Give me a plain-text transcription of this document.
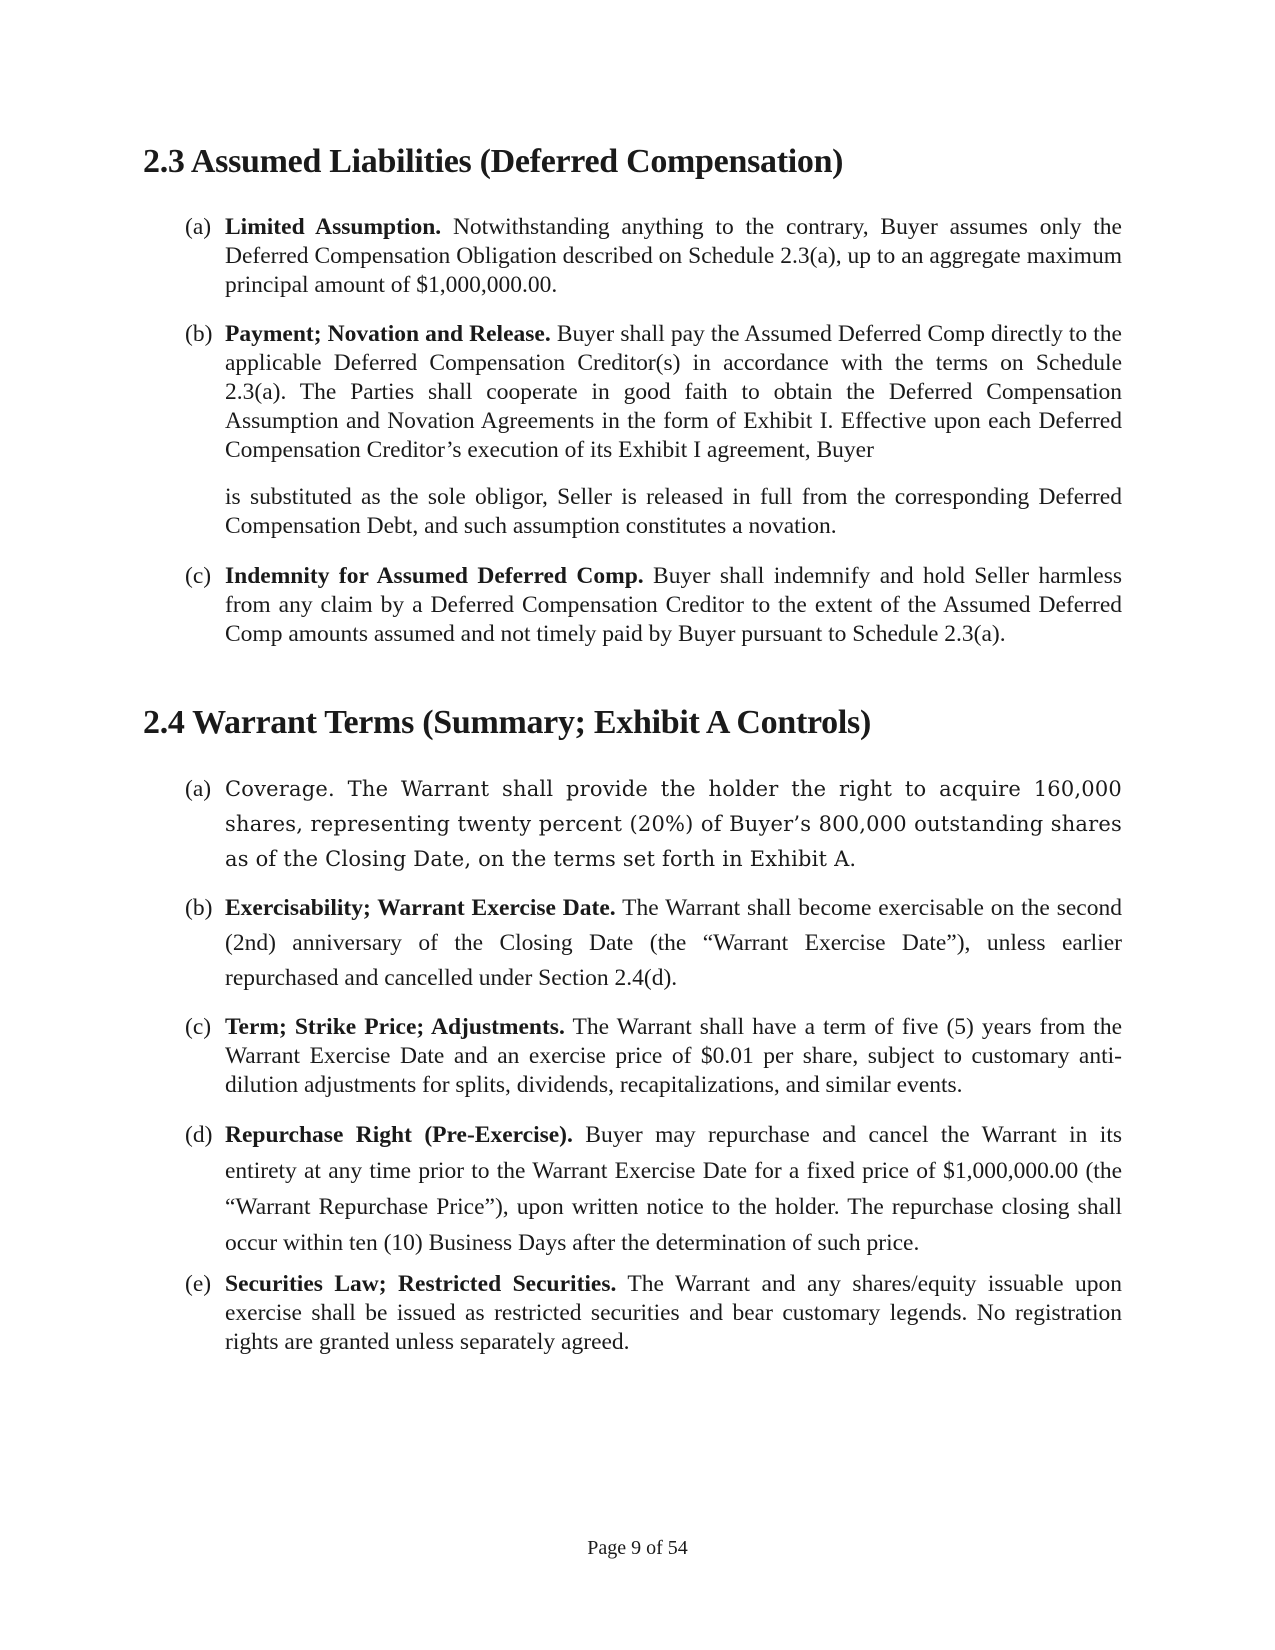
2.3 Assumed Liabilities (Deferred Compensation)
(a) Limited Assumption. Notwithstanding anything to the contrary, Buyer assumes only the Deferred Compensation Obligation described on Schedule 2.3(a), up to an aggregate maximum principal amount of $1,000,000.00.
(b) Payment; Novation and Release. Buyer shall pay the Assumed Deferred Comp directly to the applicable Deferred Compensation Creditor(s) in accordance with the terms on Schedule 2.3(a). The Parties shall cooperate in good faith to obtain the Deferred Compensation Assumption and Novation Agreements in the form of Exhibit I. Effective upon each Deferred Compensation Creditor’s execution of its Exhibit I agreement, Buyer
is substituted as the sole obligor, Seller is released in full from the corresponding Deferred Compensation Debt, and such assumption constitutes a novation.
(c) Indemnity for Assumed Deferred Comp. Buyer shall indemnify and hold Seller harmless from any claim by a Deferred Compensation Creditor to the extent of the Assumed Deferred Comp amounts assumed and not timely paid by Buyer pursuant to Schedule 2.3(a).
2.4 Warrant Terms (Summary; Exhibit A Controls)
(a) Coverage. The Warrant shall provide the holder the right to acquire 160,000 shares, representing twenty percent (20%) of Buyer’s 800,000 outstanding shares as of the Closing Date, on the terms set forth in Exhibit A.
(b) Exercisability; Warrant Exercise Date. The Warrant shall become exercisable on the second (2nd) anniversary of the Closing Date (the “Warrant Exercise Date”), unless earlier repurchased and cancelled under Section 2.4(d).
(c) Term; Strike Price; Adjustments. The Warrant shall have a term of five (5) years from the Warrant Exercise Date and an exercise price of $0.01 per share, subject to customary anti-dilution adjustments for splits, dividends, recapitalizations, and similar events.
(d) Repurchase Right (Pre-Exercise). Buyer may repurchase and cancel the Warrant in its entirety at any time prior to the Warrant Exercise Date for a fixed price of $1,000,000.00 (the “Warrant Repurchase Price”), upon written notice to the holder. The repurchase closing shall occur within ten (10) Business Days after the determination of such price.
(e) Securities Law; Restricted Securities. The Warrant and any shares/equity issuable upon exercise shall be issued as restricted securities and bear customary legends. No registration rights are granted unless separately agreed.
Page 9 of 54
